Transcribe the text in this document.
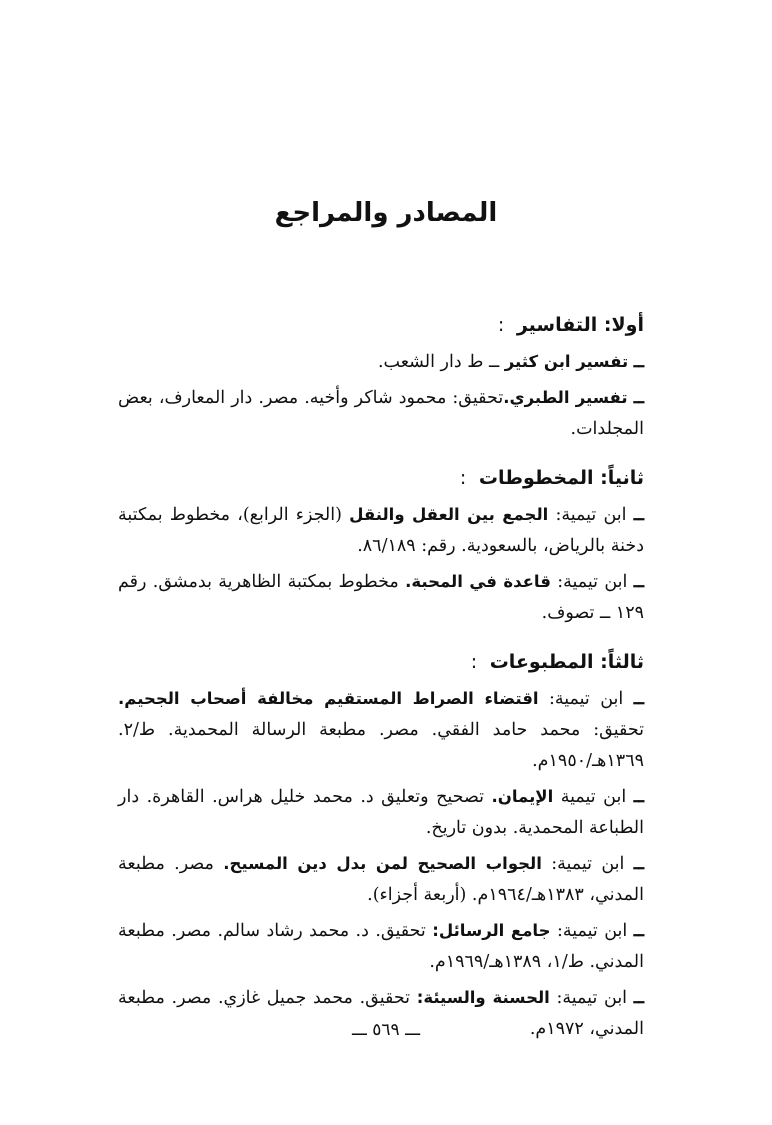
المصادر والمراجع
أولا: التفاسير :

ــ تفسير ابن كثير ــ ط دار الشعب.

ــ تفسير الطبري.تحقيق: محمود شاكر وأخيه. مصر. دار المعارف، بعض المجلدات.

ثانياً: المخطوطات :

ــ ابن تيمية: الجمع بين العقل والنقل (الجزء الرابع)، مخطوط بمكتبة دخنة بالرياض، بالسعودية. رقم: ٨٦/١٨٩.

ــ ابن تيمية: قاعدة في المحبة. مخطوط بمكتبة الظاهرية بدمشق. رقم ١٢٩ ــ تصوف.

ثالثاً: المطبوعات :

ــ ابن تيمية: اقتضاء الصراط المستقيم مخالفة أصحاب الجحيم. تحقيق: محمد حامد الفقي. مصر. مطبعة الرسالة المحمدية. ط/٢. ١٣٦٩هـ/١٩٥٠م.

ــ ابن تيمية الإيمان. تصحيح وتعليق د. محمد خليل هراس. القاهرة. دار الطباعة المحمدية. بدون تاريخ.

ــ ابن تيمية: الجواب الصحيح لمن بدل دين المسيح. مصر. مطبعة المدني، ١٣٨٣هـ/١٩٦٤م. (أربعة أجزاء).

ــ ابن تيمية: جامع الرسائل: تحقيق. د. محمد رشاد سالم. مصر. مطبعة المدني. ط/١، ١٣٨٩هـ/١٩٦٩م.

ــ ابن تيمية: الحسنة والسيئة: تحقيق. محمد جميل غازي. مصر. مطبعة المدني، ١٩٧٢م.

ـــ ٥٦٩ ـــ
